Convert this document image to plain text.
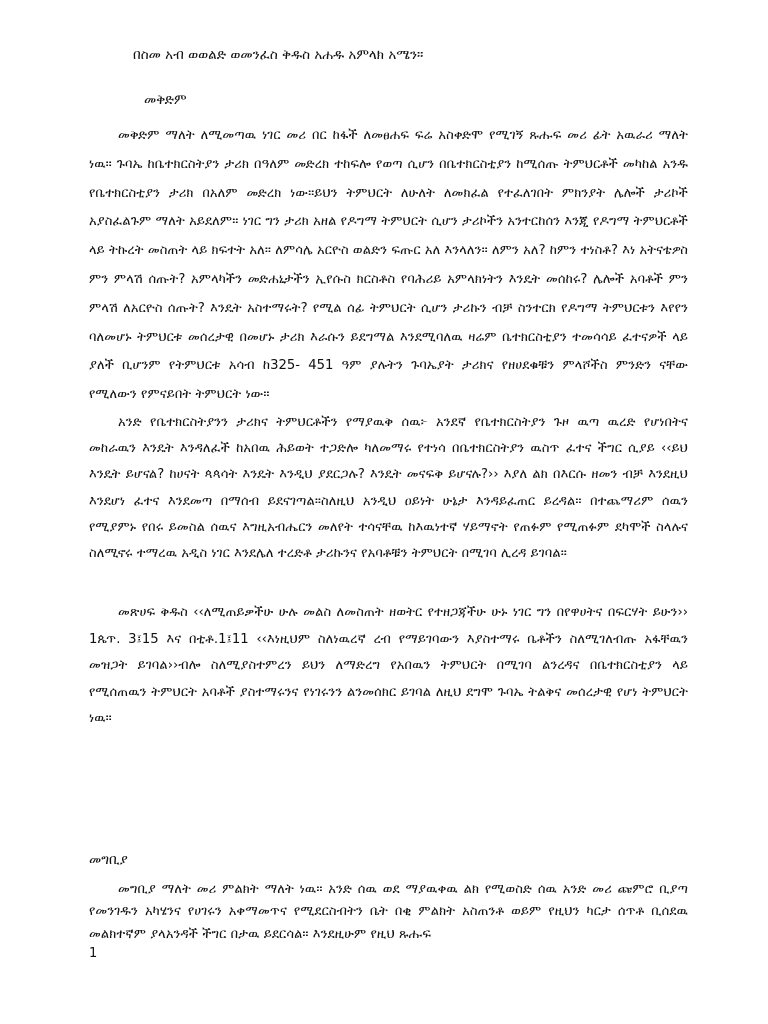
በስመ አብ ወወልድ ወመንፈስ ቅዱስ አሐዱ አምላክ አሜን።

መቅድም

መቅድም ማለት ለሚመጣዉ ነገር መሪ በር ከፋች ለመፀሐፍ ፍሬ አስቀድሞ የሚገኝ ጹሑፍ መሪ ፊት አዉራሪ ማለት ነዉ። ጉባኤ ከቤተክርስትያን ታሪክ በዓለም መድረክ ተከፍሎ የወጣ ሲሆን በቤተክርስቲያን ከሚሰጡ ትምህርቶች መካከል አንዱ የቤተክርስቲያን ታሪክ በአለም መድረክ ነው።ይህን ትምህርት ለሁለት ለመክፈል የተፈለገበት ምክንያት ሌሎች ታሪኮች አያስፈልጉም ማለት አይደለም። ነገር ግን ታሪክ አዘል የዶግማ ትምህርት ሲሆን ታሪኮችን አንተርከሰን እንጂ የዶግማ ትምህርቶች ላይ ትኩረት መስጠት ላይ ክፍተት አለ። ለምሳሌ አርዮስ ወልድን ፍጡር አለ እንላለን። ለምን አለ? ከምን ተነስቶ? እነ አትናቴዎስ ምን ምላሽ ሰጡት? አምላካችን መድሐኒታችን ኢየሱስ ክርስቶስ የባሕሪይ አምላክነትን እንዴት መሰከሩ? ሌሎች አባቶች ምን ምላሽ ለአርዮስ ሰጡት? እንዴት አስተማሩት? የሚል ሰፊ ትምህርት ሲሆን ታሪኩን ብቻ ስንተርክ የዶግማ ትምህርቱን እየየን ባለመሆኑ ትምህርቱ መሰረታዊ በመሆኑ ታሪክ እራሱን ይደግማል እንደሚባለዉ ዛሬም ቤተክርስቲያን ተመሳሳይ ፈተናዎች ላይ ያለች ቢሆንም የትምህርቱ አሳብ ከ325- 451 ዓም ያሉትን ጉባኤያት ታሪክና የዘሀደቁቹን ምላሾችስ ምንድን ናቸው የሚለውን የምናይበት ትምህርት ነው።

አንድ የቤተክርስትያንን ታሪክና ትምህርቶችን የማያዉቅ ሰዉ፦ አንደኛ የቤተክርስትያን ጉዞ ዉጣ ዉረድ የሆነበትና መከራዉን እንዴት እንዳለፈች ከአበዉ ሕይወት ተጋድሎ ካለመማሩ የተነሳ በቤተክርስትያን ዉስጥ ፈተና ችግር ሲያይ ‹‹ይህ እንዴት ይሆናል? ከሀናት ጳጳሳት እንዴት እንዲህ ያደርጋሉ? እንዴት መናፍቅ ይሆናሉ?›› እያለ ልክ በእርሱ ዘመን ብቻ እንደዚህ እንደሆነ ፈተና እንደመጣ በማሰብ ይደናገጣል።ስለዚህ አንዲህ ዐይነት ሁኔታ እንዳይፈጠር ይረዳል። በተጨማሪም ሰዉን የሚያምኑ የበሩ ይመስል ሰዉና እግዚአብሔርን መለየት ተሳናቸዉ ከእዉነተኛ ሃይማኖት የጠፉም የሚጠፉም ደካሞች ስላሉና ስለሚኖሩ ተማረዉ አዲስ ነገር እንደሌለ ተረድቶ ታሪኩንና የአባቶቹን ትምህርት በሚገባ ሊረዳ ይገባል።

መጽሀፍ ቅዱስ ‹‹ለሚጠይቃችሁ ሁሉ መልስ ለመስጠት ዘወትር የተዘጋጃችሁ ሁኑ ነገር ግን በየዋሀትና በፍርሃት ይሁን›› 1ጴጥ. 3፤15 እና በቲቶ.1፤11 ‹‹እነዚህም ስለነዉረኛ ረብ የማይገባውን እያስተማሩ ቤቶችን ስለሚገለብጡ አፋቸዉን መዝጋት ይገባል››ብሎ ስለሚያስተምረን ይህን ለማድረግ የአበዉን ትምህርት በሚገባ ልንረዳና በቤተክርስቲያን ላይ የሚሰጠዉን ትምህርት አባቶች ያስተማሩንና የነገሩንን ልንመሰክር ይገባል ለዚህ ደግሞ ጉባኤ ትልቅና መሰረታዊ የሆነ ትምህርት ነዉ።

መግቢያ

መግቢያ ማለት መሪ ምልክት ማለት ነዉ። አንድ ሰዉ ወደ ማያዉቀዉ ልክ የሚወስድ ሰዉ አንድ መሪ ጩምሮ ቢያጣ የመንገዱን አካሄንና የሀገሩን አቀማመጥና የሚደርስብትን ቤት በቂ ምልክት አስጠንቶ ወይም የዚህን ካርታ ሰጥቶ ቢሰደዉ መልክተኛም ያላአንዳች ችግር በታዉ ይደርሳል። እንደዚሁም የዚህ ጹሑፍ

1
